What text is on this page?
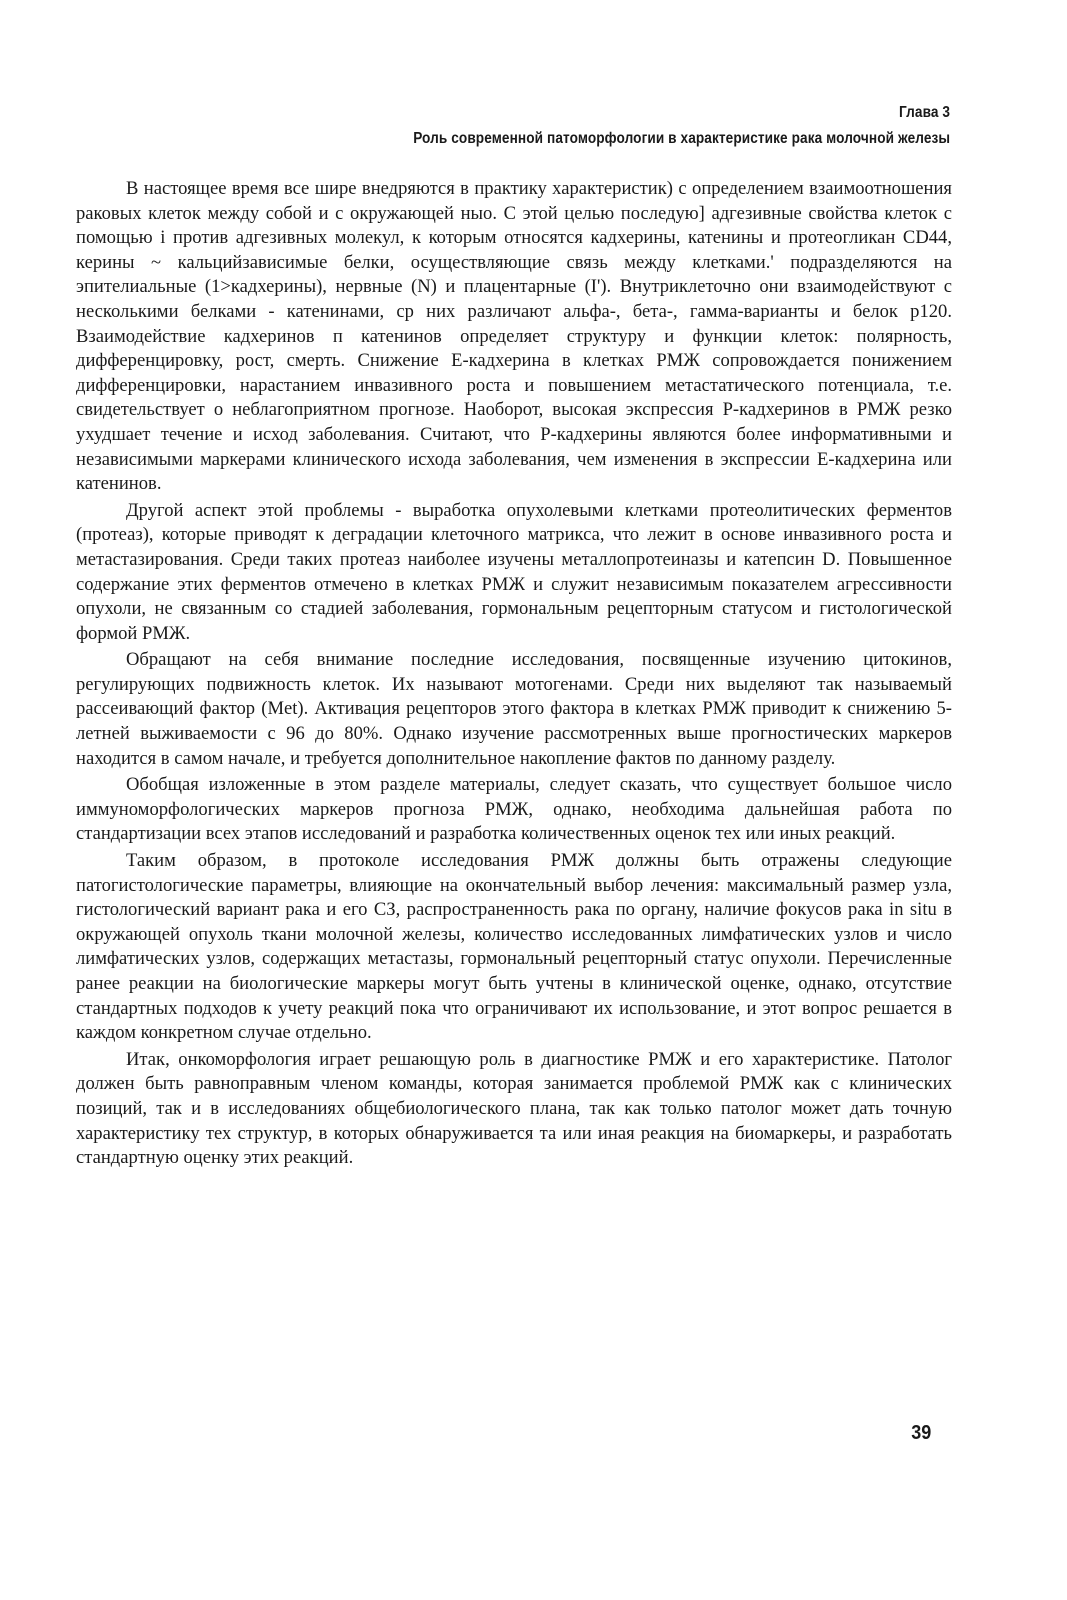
Глава 3
Роль современной патоморфологии в характеристике рака молочной железы

В настоящее время все шире внедряются в практику характеристик) с определением взаимоотношения раковых клеток между собой и с окружающей ныо. С этой целью последую] адгезивные свойства клеток с помощью і против адгезивных молекул, к которым относятся кадхерины, катенины и протеогликан CD44, керины ~ кальцийзависимые белки, осуществляющие связь между клетками.' подразделяются на эпителиальные (1>кадхерины), нервные (N) и плацентарные (I'). Внутриклеточно они взаимодействуют с несколькими белками - катенинами, ср них различают альфа-, бета-, гамма-варианты и белок р120. Взаимодействие кадхеринов п катенинов определяет структуру и функции клеток: полярность, дифференцировку, рост, смерть. Снижение Е-кадхерина в клетках РМЖ сопровождается понижением дифференцировки, нарастанием инвазивного роста и повышением метастатического потенциала, т.е. свидетельствует о неблагоприятном прогнозе. Наоборот, высокая экспрессия Р-кадхеринов в РМЖ резко ухудшает течение и исход заболевания. Считают, что Р-кадхерины являются более информативными и независимыми маркерами клинического исхода заболевания, чем изменения в экспрессии Е-кадхерина или катенинов.

Другой аспект этой проблемы - выработка опухолевыми клетками протеолитических ферментов (протеаз), которые приводят к деградации клеточного матрикса, что лежит в основе инвазивного роста и метастазирования. Среди таких протеаз наиболее изучены металлопротеиназы и катепсин D. Повышенное содержание этих ферментов отмечено в клетках РМЖ и служит независимым показателем агрессивности опухоли, не связанным со стадией заболевания, гормональным рецепторным статусом и гистологической формой РМЖ.

Обращают на себя внимание последние исследования, посвященные изучению цитокинов, регулирующих подвижность клеток. Их называют мотогенами. Среди них выделяют так называемый рассеивающий фактор (Met). Активация рецепторов этого фактора в клетках РМЖ приводит к снижению 5-летней выживаемости с 96 до 80%. Однако изучение рассмотренных выше прогностических маркеров находится в самом начале, и требуется дополнительное накопление фактов по данному разделу.

Обобщая изложенные в этом разделе материалы, следует сказать, что существует большое число иммуноморфологических маркеров прогноза РМЖ, однако, необходима дальнейшая работа по стандартизации всех этапов исследований и разработка количественных оценок тех или иных реакций.

Таким образом, в протоколе исследования РМЖ должны быть отражены следующие патогистологические параметры, влияющие на окончательный выбор лечения: максимальный размер узла, гистологический вариант рака и его СЗ, распространенность рака по органу, наличие фокусов рака in situ в окружающей опухоль ткани молочной железы, количество исследованных лимфатических узлов и число лимфатических узлов, содержащих метастазы, гормональный рецепторный статус опухоли. Перечисленные ранее реакции на биологические маркеры могут быть учтены в клинической оценке, однако, отсутствие стандартных подходов к учету реакций пока что ограничивают их использование, и этот вопрос решается в каждом конкретном случае отдельно.

Итак, онкоморфология играет решающую роль в диагностике РМЖ и его характеристике. Патолог должен быть равноправным членом команды, которая занимается проблемой РМЖ как с клинических позиций, так и в исследованиях общебиологического плана, так как только патолог может дать точную характеристику тех структур, в которых обнаруживается та или иная реакция на биомаркеры, и разработать стандартную оценку этих реакций.

39
